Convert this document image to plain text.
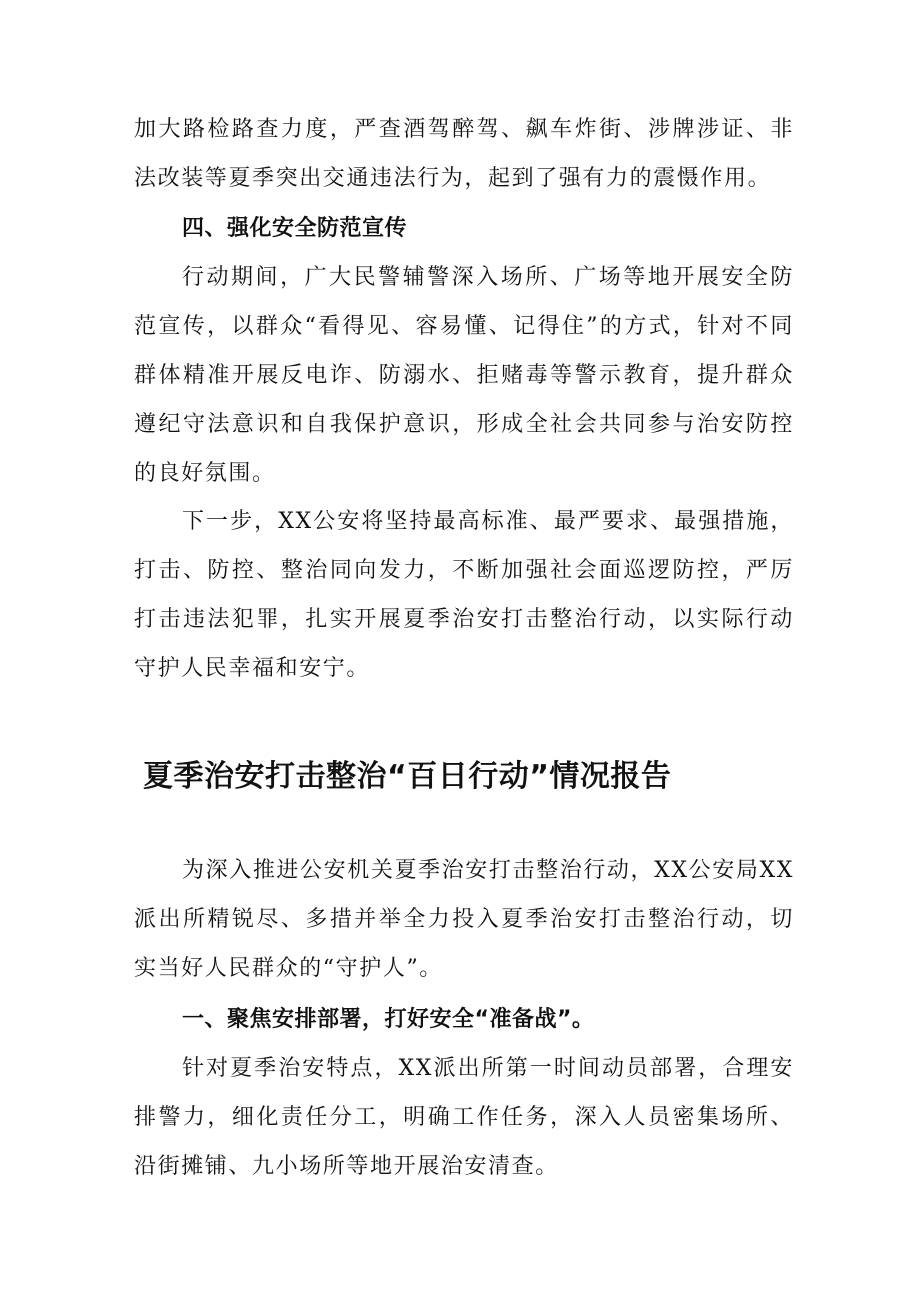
加大路检路查力度，严查酒驾醉驾、飙车炸街、涉牌涉证、非法改装等夏季突出交通违法行为，起到了强有力的震慑作用。

四、强化安全防范宣传

行动期间，广大民警辅警深入场所、广场等地开展安全防范宣传，以群众“看得见、容易懂、记得住”的方式，针对不同群体精准开展反电诈、防溺水、拒赌毒等警示教育，提升群众遵纪守法意识和自我保护意识，形成全社会共同参与治安防控的良好氛围。

下一步，XX公安将坚持最高标准、最严要求、最强措施，打击、防控、整治同向发力，不断加强社会面巡逻防控，严厉打击违法犯罪，扎实开展夏季治安打击整治行动，以实际行动守护人民幸福和安宁。

夏季治安打击整治“百日行动”情况报告

为深入推进公安机关夏季治安打击整治行动，XX公安局XX派出所精锐尽、多措并举全力投入夏季治安打击整治行动，切实当好人民群众的“守护人”。

一、聚焦安排部署，打好安全“准备战”。

针对夏季治安特点，XX派出所第一时间动员部署，合理安排警力，细化责任分工，明确工作任务，深入人员密集场所、沿街摊铺、九小场所等地开展治安清查。
